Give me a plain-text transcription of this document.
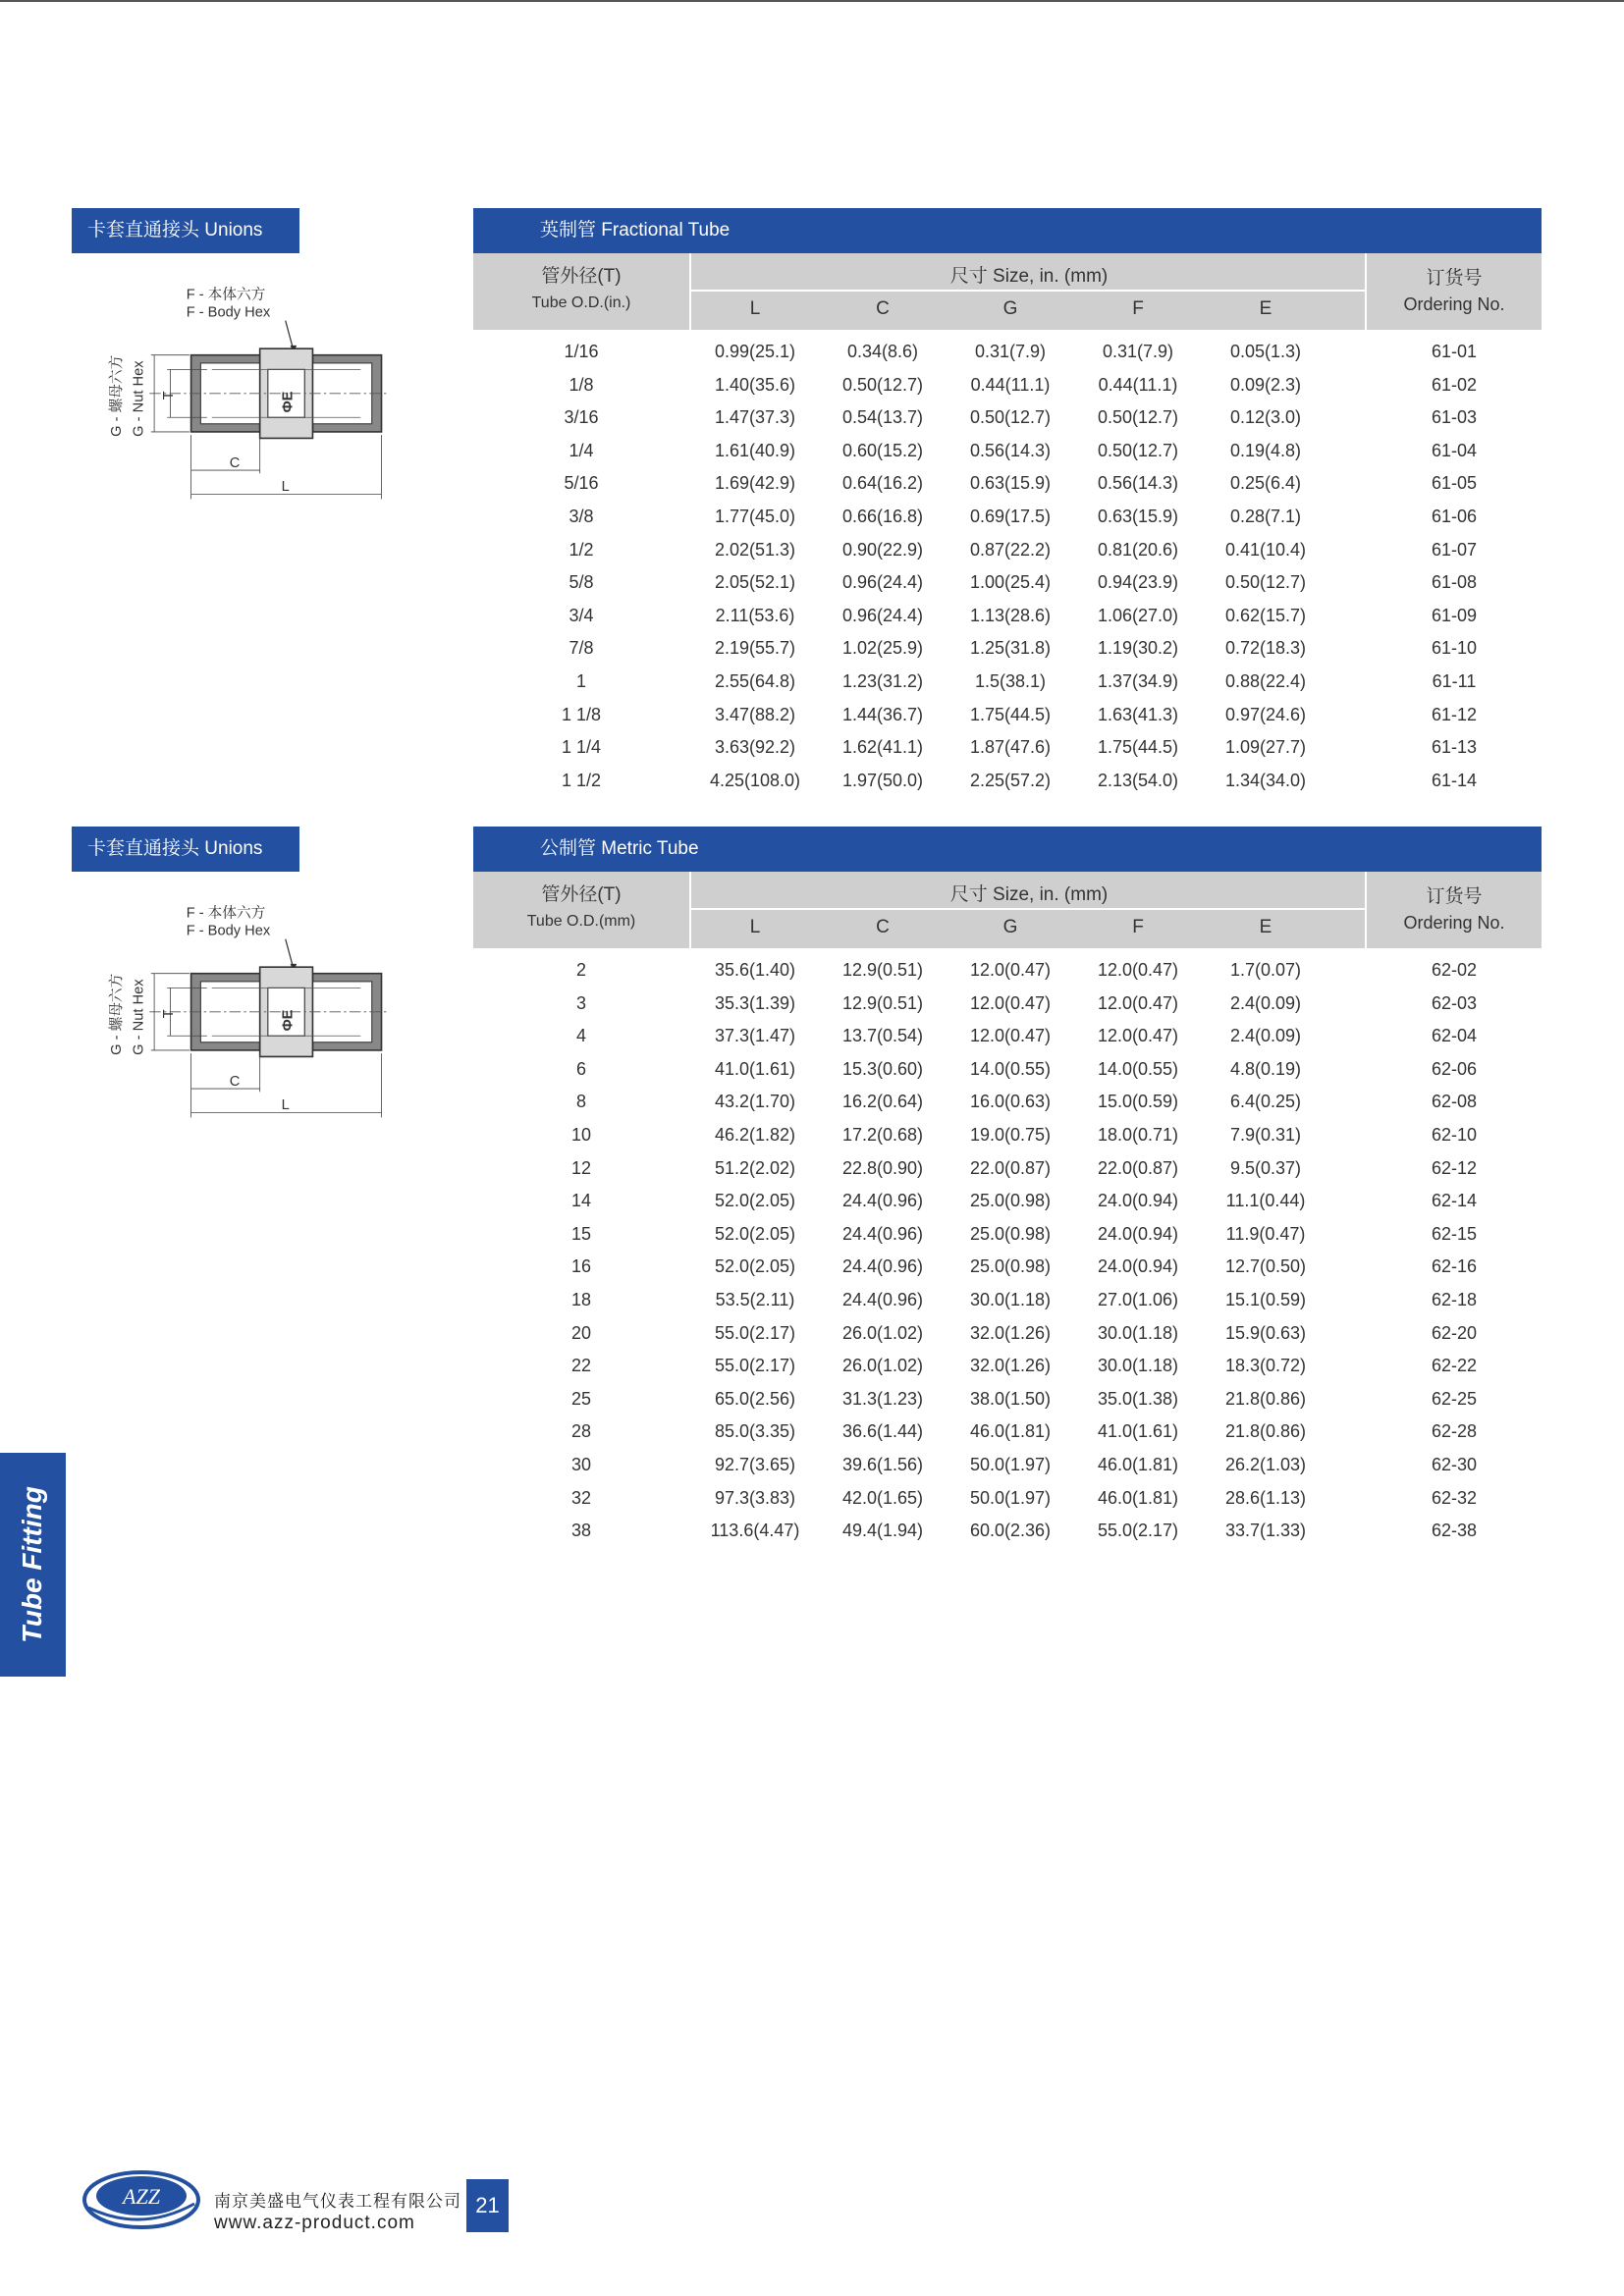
卡套直通接头 Unions
F - 本体六方
F - Body Hex
G - 螺母六方 G - Nut Hex T	ΦE
C
L
英制管 Fractional Tube
管外径(T)
Tube O.D.(in.)
尺寸 Size, in. (mm)
L	C	G	F	E
订货号
Ordering No.
1/16	0.99(25.1)	0.34(8.6)	0.31(7.9)	0.31(7.9)	0.05(1.3)	61-01
1/8	1.40(35.6)	0.50(12.7)	0.44(11.1)	0.44(11.1)	0.09(2.3)	61-02
3/16	1.47(37.3)	0.54(13.7)	0.50(12.7)	0.50(12.7)	0.12(3.0)	61-03
1/4	1.61(40.9)	0.60(15.2)	0.56(14.3)	0.50(12.7)	0.19(4.8)	61-04
5/16	1.69(42.9)	0.64(16.2)	0.63(15.9)	0.56(14.3)	0.25(6.4)	61-05
3/8	1.77(45.0)	0.66(16.8)	0.69(17.5)	0.63(15.9)	0.28(7.1)	61-06
1/2	2.02(51.3)	0.90(22.9)	0.87(22.2)	0.81(20.6)	0.41(10.4)	61-07
5/8	2.05(52.1)	0.96(24.4)	1.00(25.4)	0.94(23.9)	0.50(12.7)	61-08
3/4	2.11(53.6)	0.96(24.4)	1.13(28.6)	1.06(27.0)	0.62(15.7)	61-09
7/8	2.19(55.7)	1.02(25.9)	1.25(31.8)	1.19(30.2)	0.72(18.3)	61-10
1	2.55(64.8)	1.23(31.2)	1.5(38.1)	1.37(34.9)	0.88(22.4)	61-11
1 1/8	3.47(88.2)	1.44(36.7)	1.75(44.5)	1.63(41.3)	0.97(24.6)	61-12
1 1/4	3.63(92.2)	1.62(41.1)	1.87(47.6)	1.75(44.5)	1.09(27.7)	61-13
1 1/2	4.25(108.0)	1.97(50.0)	2.25(57.2)	2.13(54.0)	1.34(34.0)	61-14
卡套直通接头 Unions
F - 本体六方
F - Body Hex
G - 螺母六方 G - Nut Hex T	ΦE
C
L
公制管 Metric Tube
管外径(T)
Tube O.D.(mm)
尺寸 Size, in. (mm)
L	C	G	F	E
订货号
Ordering No.
2	35.6(1.40)	12.9(0.51)	12.0(0.47)	12.0(0.47)	1.7(0.07)	62-02
3	35.3(1.39)	12.9(0.51)	12.0(0.47)	12.0(0.47)	2.4(0.09)	62-03
4	37.3(1.47)	13.7(0.54)	12.0(0.47)	12.0(0.47)	2.4(0.09)	62-04
6	41.0(1.61)	15.3(0.60)	14.0(0.55)	14.0(0.55)	4.8(0.19)	62-06
8	43.2(1.70)	16.2(0.64)	16.0(0.63)	15.0(0.59)	6.4(0.25)	62-08
10	46.2(1.82)	17.2(0.68)	19.0(0.75)	18.0(0.71)	7.9(0.31)	62-10
12	51.2(2.02)	22.8(0.90)	22.0(0.87)	22.0(0.87)	9.5(0.37)	62-12
14	52.0(2.05)	24.4(0.96)	25.0(0.98)	24.0(0.94)	11.1(0.44)	62-14
15	52.0(2.05)	24.4(0.96)	25.0(0.98)	24.0(0.94)	11.9(0.47)	62-15
16	52.0(2.05)	24.4(0.96)	25.0(0.98)	24.0(0.94)	12.7(0.50)	62-16
18	53.5(2.11)	24.4(0.96)	30.0(1.18)	27.0(1.06)	15.1(0.59)	62-18
20	55.0(2.17)	26.0(1.02)	32.0(1.26)	30.0(1.18)	15.9(0.63)	62-20
22	55.0(2.17)	26.0(1.02)	32.0(1.26)	30.0(1.18)	18.3(0.72)	62-22
25	65.0(2.56)	31.3(1.23)	38.0(1.50)	35.0(1.38)	21.8(0.86)	62-25
28	85.0(3.35)	36.6(1.44)	46.0(1.81)	41.0(1.61)	21.8(0.86)	62-28
30	92.7(3.65)	39.6(1.56)	50.0(1.97)	46.0(1.81)	26.2(1.03)	62-30
32	97.3(3.83)	42.0(1.65)	50.0(1.97)	46.0(1.81)	28.6(1.13)	62-32
38	113.6(4.47)	49.4(1.94)	60.0(2.36)	55.0(2.17)	33.7(1.33)	62-38
Tube Fitting
AZZ	南京美盛电气仪表工程有限公司
www.azz-product.com
21
